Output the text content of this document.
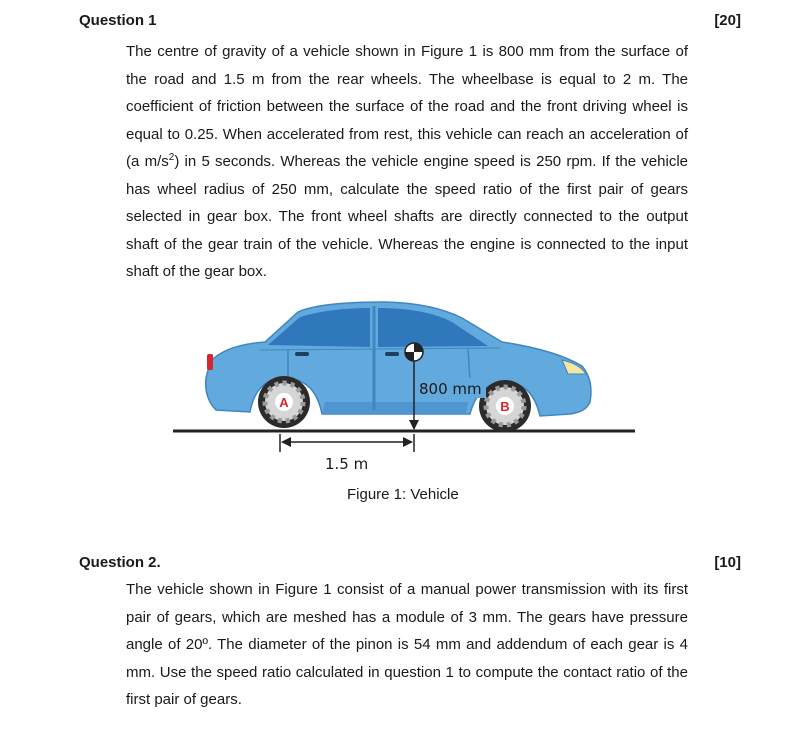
Question 1	[20]
The centre of gravity of a vehicle shown in Figure 1 is 800 mm from the surface of the road and 1.5 m from the rear wheels. The wheelbase is equal to 2 m. The coefficient of friction between the surface of the road and the front driving wheel is equal to 0.25. When accelerated from rest, this vehicle can reach an acceleration of (a $m/s^2$) in 5 seconds. Whereas the vehicle engine speed is 250 rpm. If the vehicle has wheel radius of 250 mm, calculate the speed ratio of the first pair of gears selected in gear box. The front wheel shafts are directly connected to the output shaft of the gear train of the vehicle. Whereas the engine is connected to the input shaft of the gear box.
A	B
800 mm
1.5 m
Figure 1: Vehicle
Question 2.	[10]
The vehicle shown in Figure 1 consist of a manual power transmission with its first pair of gears, which are meshed has a module of 3 mm. The gears have pressure angle of 20º. The diameter of the pinon is 54 mm and addendum of each gear is 4 mm. Use the speed ratio calculated in question 1 to compute the contact ratio of the first pair of gears.
